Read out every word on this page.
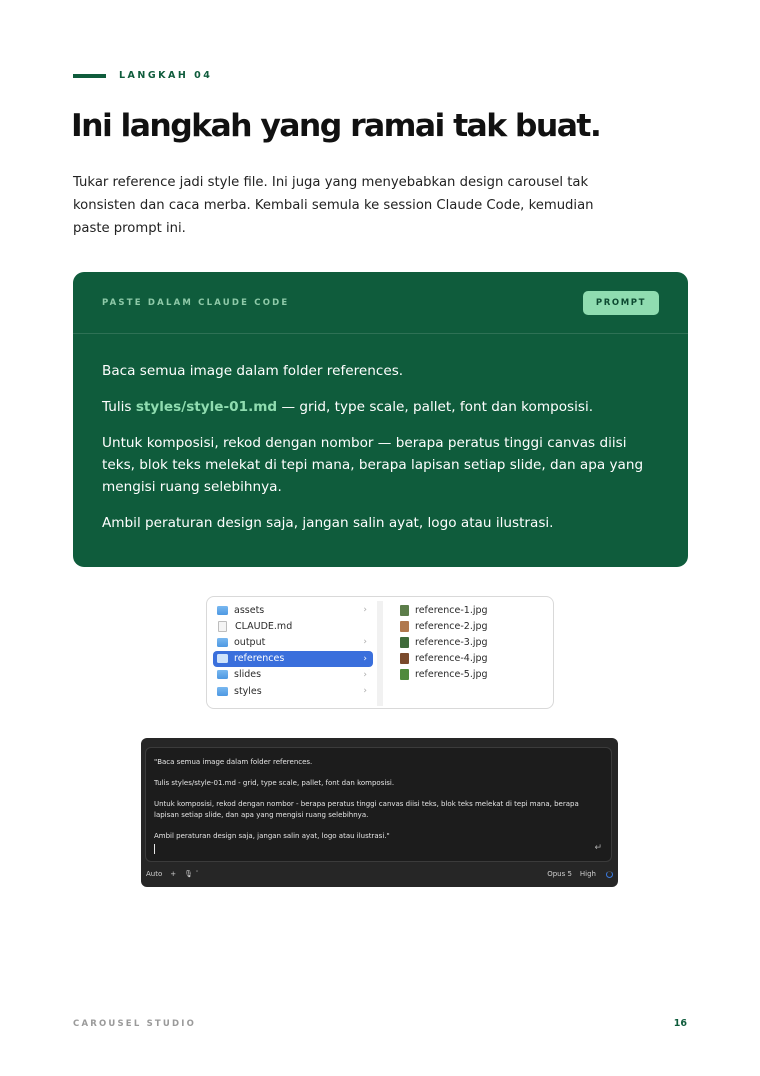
LANGKAH 04
Ini langkah yang ramai tak buat.

Tukar reference jadi style file. Ini juga yang menyebabkan design carousel tak konsisten dan caca merba. Kembali semula ke session Claude Code, kemudian paste prompt ini.

PASTE DALAM CLAUDE CODE	PROMPT

Baca semua image dalam folder references.

Tulis styles/style-01.md — grid, type scale, pallet, font dan komposisi.

Untuk komposisi, rekod dengan nombor — berapa peratus tinggi canvas diisi teks, blok teks melekat di tepi mana, berapa lapisan setiap slide, dan apa yang mengisi ruang selebihnya.

Ambil peraturan design saja, jangan salin ayat, logo atau ilustrasi.

assets	›
CLAUDE.md
output	›
references	›
slides	›
styles	›
reference-1.jpg
reference-2.jpg
reference-3.jpg
reference-4.jpg
reference-5.jpg

"Baca semua image dalam folder references.

Tulis styles/style-01.md - grid, type scale, pallet, font dan komposisi.

Untuk komposisi, rekod dengan nombor - berapa peratus tinggi canvas diisi teks, blok teks melekat di tepi mana, berapa lapisan setiap slide, dan apa yang mengisi ruang selebihnya.

Ambil peraturan design saja, jangan salin ayat, logo atau ilustrasi."

↵
Auto + 🎙 ˅	Opus 5 High
CAROUSEL STUDIO	16
